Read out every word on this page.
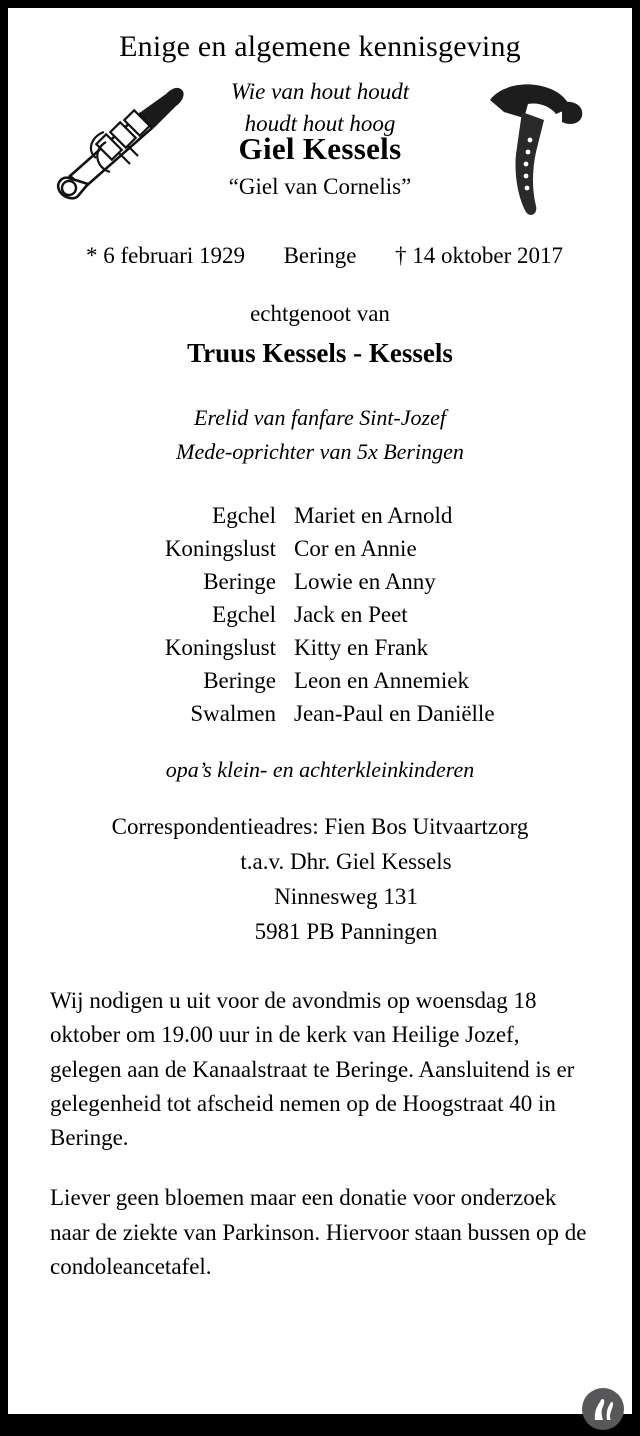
Enige en algemene kennisgeving
Wie van hout houdt
houdt hout hoog
Giel Kessels
“Giel van Cornelis”
* 6 februari 1929	Beringe	† 14 oktober 2017
echtgenoot van
Truus Kessels - Kessels
Erelid van fanfare Sint-Jozef
Mede-oprichter van 5x Beringen
Egchel	Mariet en Arnold
Koningslust	Cor en Annie
Beringe	Lowie en Anny
Egchel	Jack en Peet
Koningslust	Kitty en Frank
Beringe	Leon en Annemiek
Swalmen	Jean-Paul en Daniëlle
opa’s klein- en achterkleinkinderen
Correspondentieadres: Fien Bos Uitvaartzorg
t.a.v. Dhr. Giel Kessels
Ninnesweg 131
5981 PB Panningen
Wij nodigen u uit voor de avondmis op woensdag 18 oktober om 19.00 uur in de kerk van Heilige Jozef, gelegen aan de Kanaalstraat te Beringe. Aansluitend is er gelegenheid tot afscheid nemen op de Hoogstraat 40 in Beringe.
Liever geen bloemen maar een donatie voor onderzoek naar de ziekte van Parkinson. Hiervoor staan bussen op de condoleancetafel.
